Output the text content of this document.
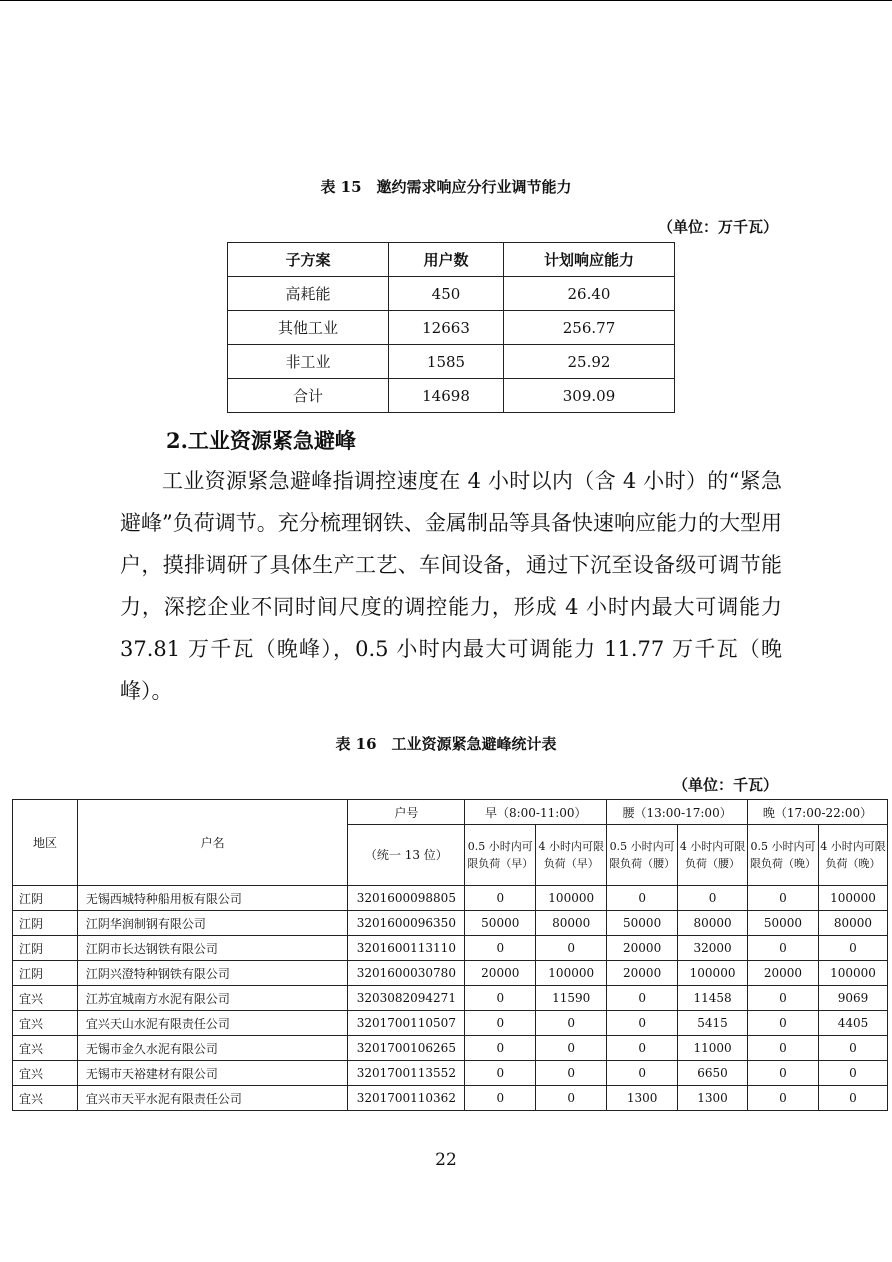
表 15　邀约需求响应分行业调节能力
（单位：万千瓦）
子方案	用户数	计划响应能力
高耗能	450	26.40
其他工业	12663	256.77
非工业	1585	25.92
合计	14698	309.09
2.工业资源紧急避峰

工业资源紧急避峰指调控速度在 4 小时以内（含 4 小时）的“紧急避峰”负荷调节。充分梳理钢铁、金属制品等具备快速响应能力的大型用户，摸排调研了具体生产工艺、车间设备，通过下沉至设备级可调节能力，深挖企业不同时间尺度的调控能力，形成 4 小时内最大可调能力 37.81 万千瓦（晚峰），0.5 小时内最大可调能力 11.77 万千瓦（晚峰）。

表 16　工业资源紧急避峰统计表
（单位：千瓦）
地区	户名	户号	早（8:00-11:00）		腰（13:00-17:00）		晚（17:00-22:00）	
		（统一 13 位）	0.5 小时内可限负荷（早）	4 小时内可限负荷（早）	0.5 小时内可限负荷（腰）	4 小时内可限负荷（腰）	0.5 小时内可限负荷（晚）	4 小时内可限负荷（晚）
江阴	无锡西城特种船用板有限公司	3201600098805	0	100000	0	0	0	100000
江阴	江阴华润制钢有限公司	3201600096350	50000	80000	50000	80000	50000	80000
江阴	江阴市长达钢铁有限公司	3201600113110	0	0	20000	32000	0	0
江阴	江阴兴澄特种钢铁有限公司	3201600030780	20000	100000	20000	100000	20000	100000
宜兴	江苏宜城南方水泥有限公司	3203082094271	0	11590	0	11458	0	9069
宜兴	宜兴天山水泥有限责任公司	3201700110507	0	0	0	5415	0	4405
宜兴	无锡市金久水泥有限公司	3201700106265	0	0	0	11000	0	0
宜兴	无锡市天裕建材有限公司	3201700113552	0	0	0	6650	0	0
宜兴	宜兴市天平水泥有限责任公司	3201700110362	0	0	1300	1300	0	0
22
